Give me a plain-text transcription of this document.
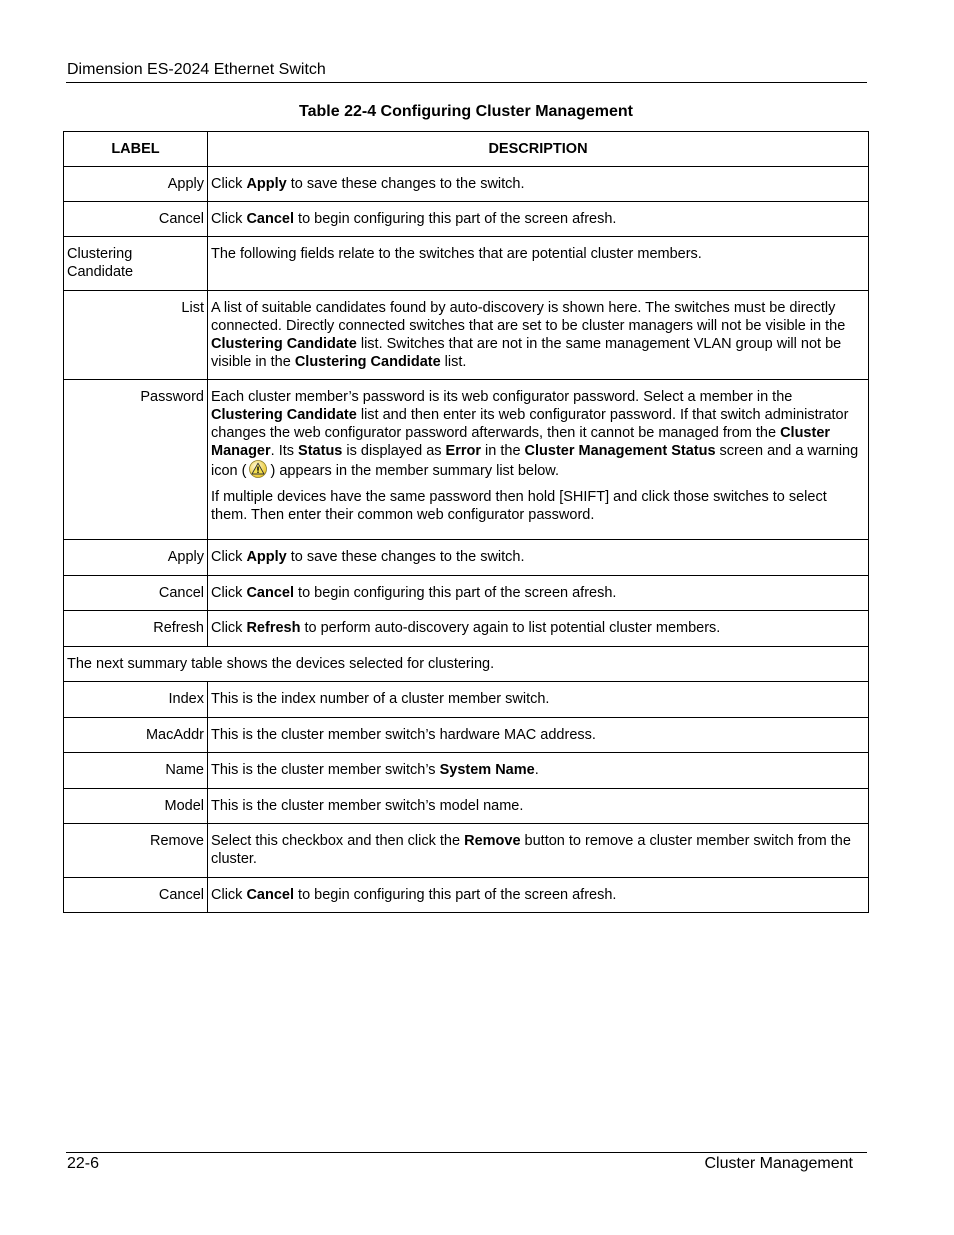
Dimension ES-2024 Ethernet Switch
Table 22-4 Configuring Cluster Management
LABEL	DESCRIPTION
Apply	Click Apply to save these changes to the switch.
Cancel	Click Cancel to begin configuring this part of the screen afresh.
Clustering
Candidate	The following fields relate to the switches that are potential cluster members.
List	A list of suitable candidates found by auto-discovery is shown here. The switches must be directly connected. Directly connected switches that are set to be cluster managers will not be visible in the Clustering Candidate list. Switches that are not in the same management VLAN group will not be visible in the Clustering Candidate list.
Password	Each cluster member’s password is its web configurator password. Select a member in the Clustering Candidate list and then enter its web configurator password. If that switch administrator changes the web configurator password afterwards, then it cannot be managed from the Cluster Manager. Its Status is displayed as Error in the Cluster Management Status screen and a warning icon ( ) appears in the member summary list below.

If multiple devices have the same password then hold [SHIFT] and click those switches to select them. Then enter their common web configurator password.

Apply	Click Apply to save these changes to the switch.
Cancel	Click Cancel to begin configuring this part of the screen afresh.
Refresh	Click Refresh to perform auto-discovery again to list potential cluster members.
The next summary table shows the devices selected for clustering.	
Index	This is the index number of a cluster member switch.
MacAddr	This is the cluster member switch’s hardware MAC address.
Name	This is the cluster member switch’s System Name.
Model	This is the cluster member switch’s model name.
Remove	Select this checkbox and then click the Remove button to remove a cluster member switch from the cluster.
Cancel	Click Cancel to begin configuring this part of the screen afresh.
22-6	Cluster Management
